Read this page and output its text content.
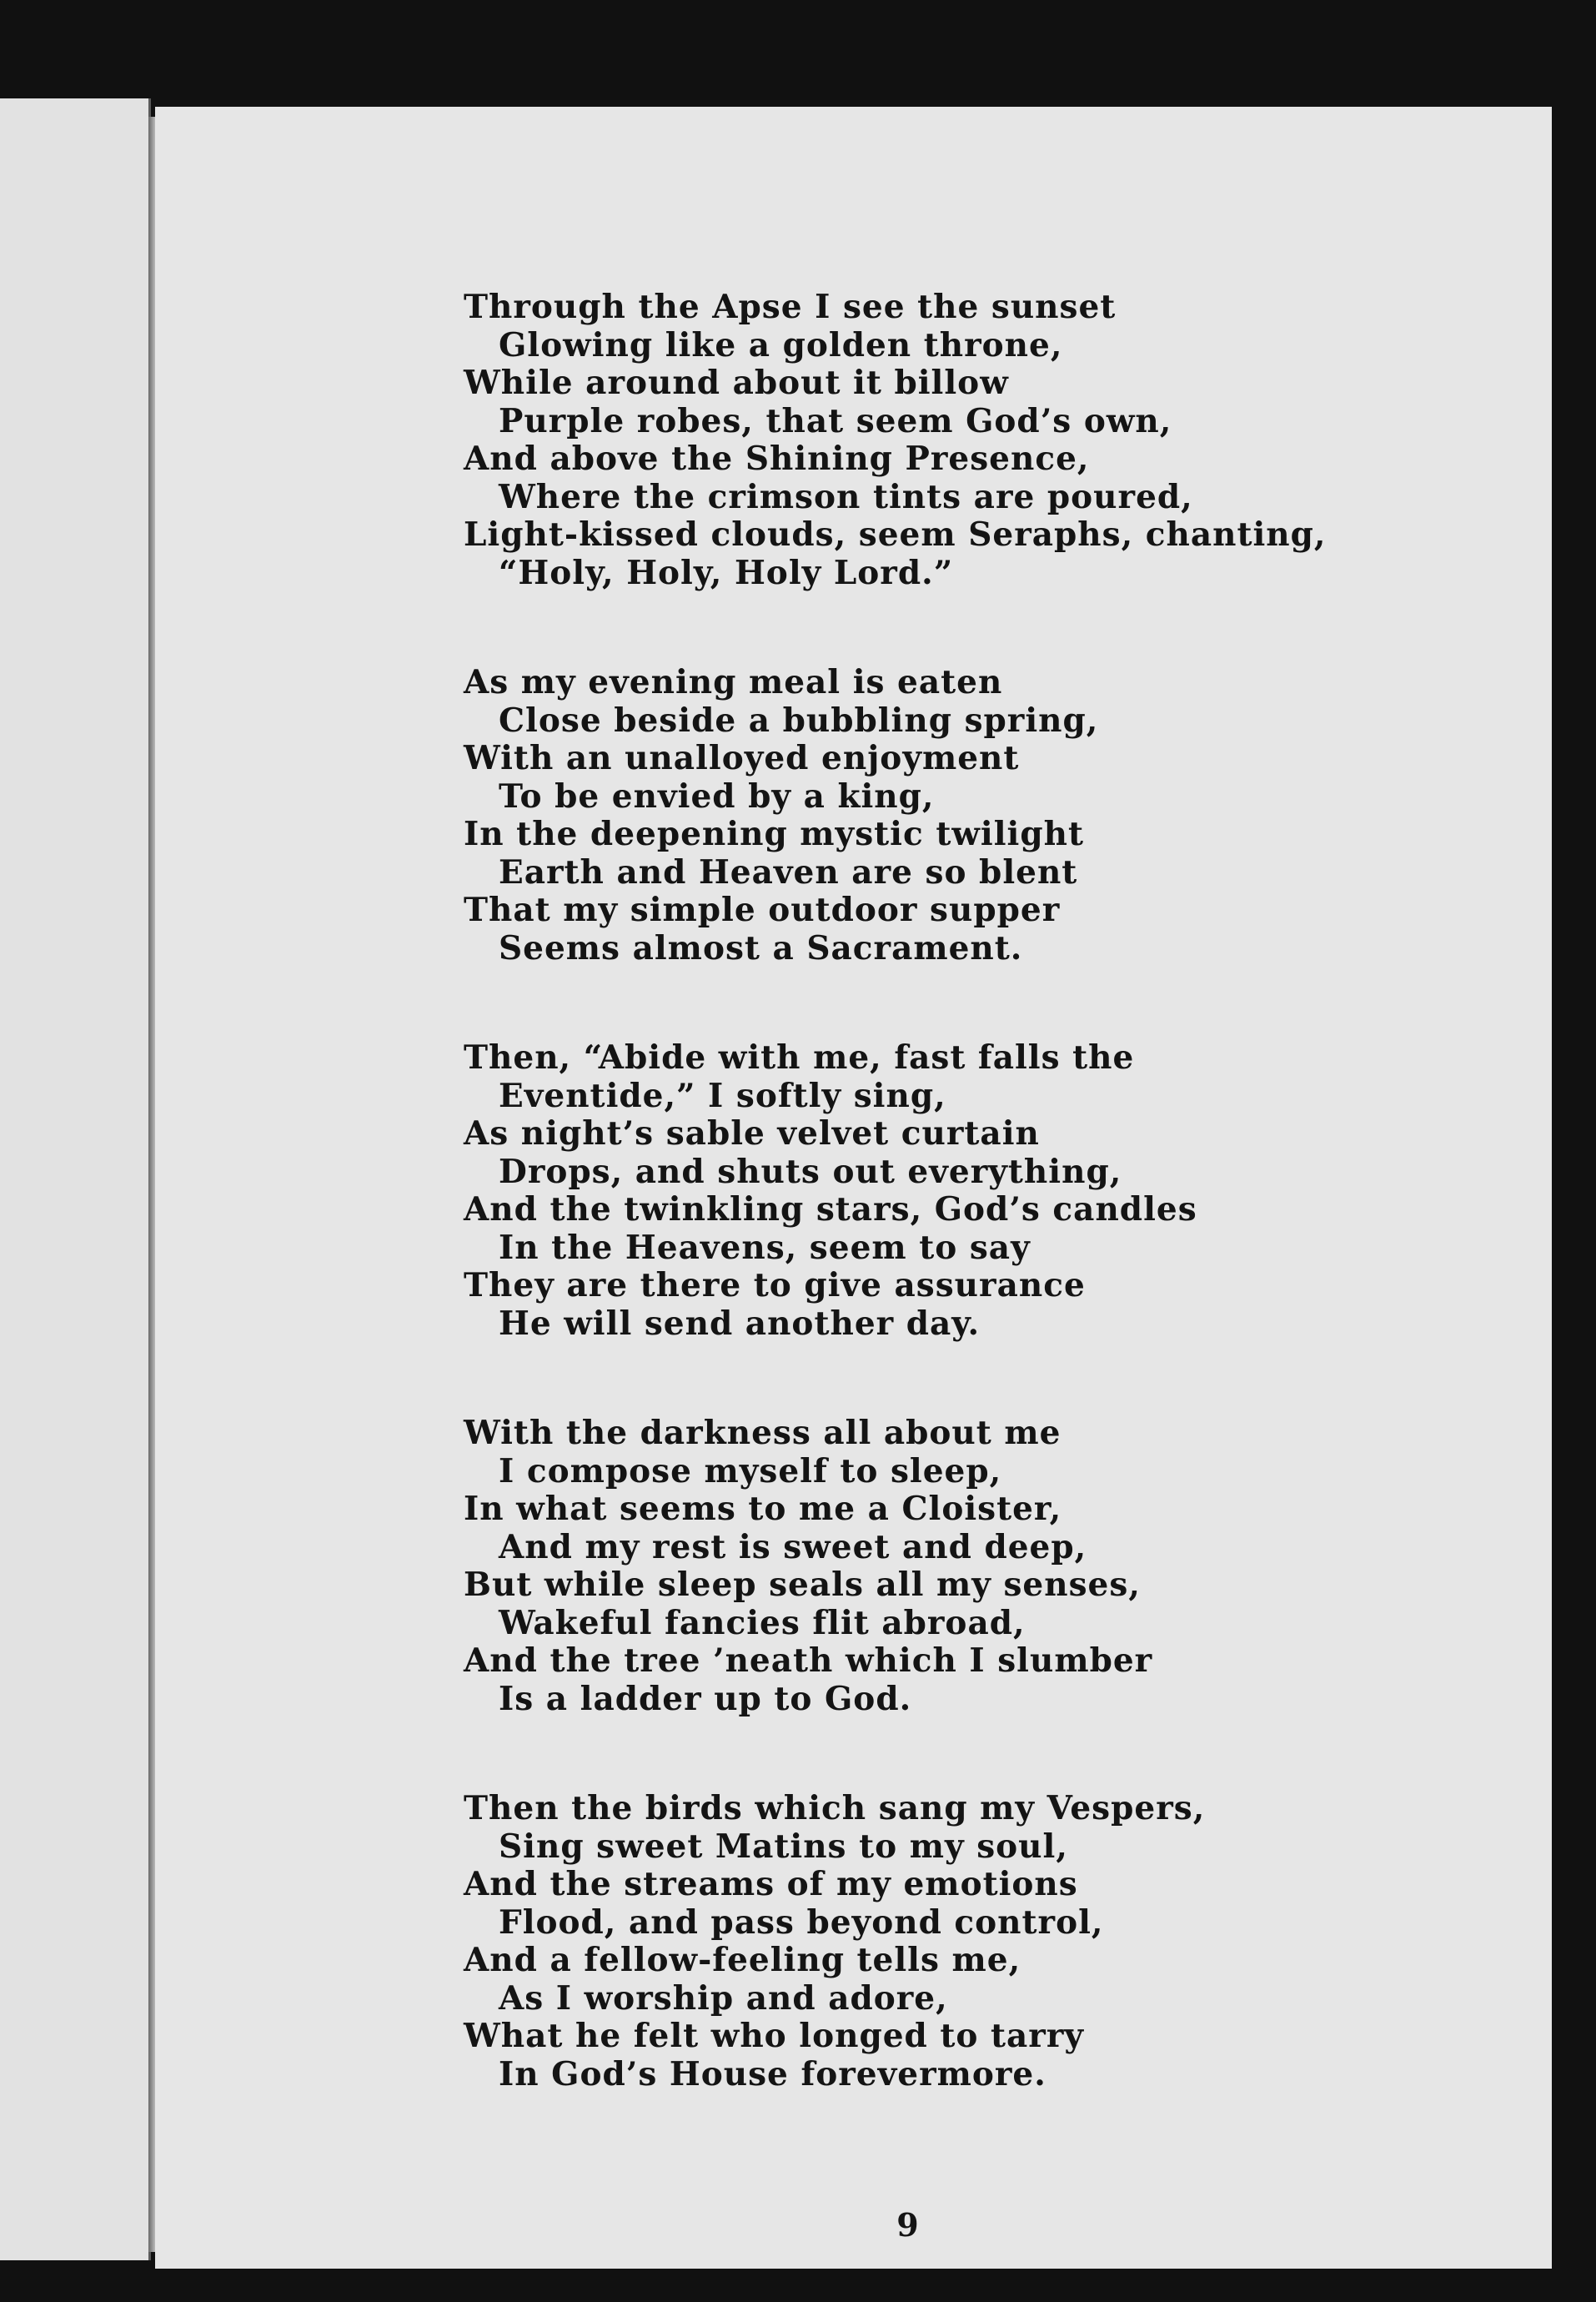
Through the Apse I see the sunset
Glowing like a golden throne,
While around about it billow
Purple robes, that seem God’s own,
And above the Shining Presence,
Where the crimson tints are poured,
Light-kissed clouds, seem Seraphs, chanting,
“Holy, Holy, Holy Lord.”
As my evening meal is eaten
Close beside a bubbling spring,
With an unalloyed enjoyment
To be envied by a king,
In the deepening mystic twilight
Earth and Heaven are so blent
That my simple outdoor supper
Seems almost a Sacrament.
Then, “Abide with me, fast falls the
Eventide,” I softly sing,
As night’s sable velvet curtain
Drops, and shuts out everything,
And the twinkling stars, God’s candles
In the Heavens, seem to say
They are there to give assurance
He will send another day.
With the darkness all about me
I compose myself to sleep,
In what seems to me a Cloister,
And my rest is sweet and deep,
But while sleep seals all my senses,
Wakeful fancies flit abroad,
And the tree ’neath which I slumber
Is a ladder up to God.
Then the birds which sang my Vespers,
Sing sweet Matins to my soul,
And the streams of my emotions
Flood, and pass beyond control,
And a fellow-feeling tells me,
As I worship and adore,
What he felt who longed to tarry
In God’s House forevermore.
9
